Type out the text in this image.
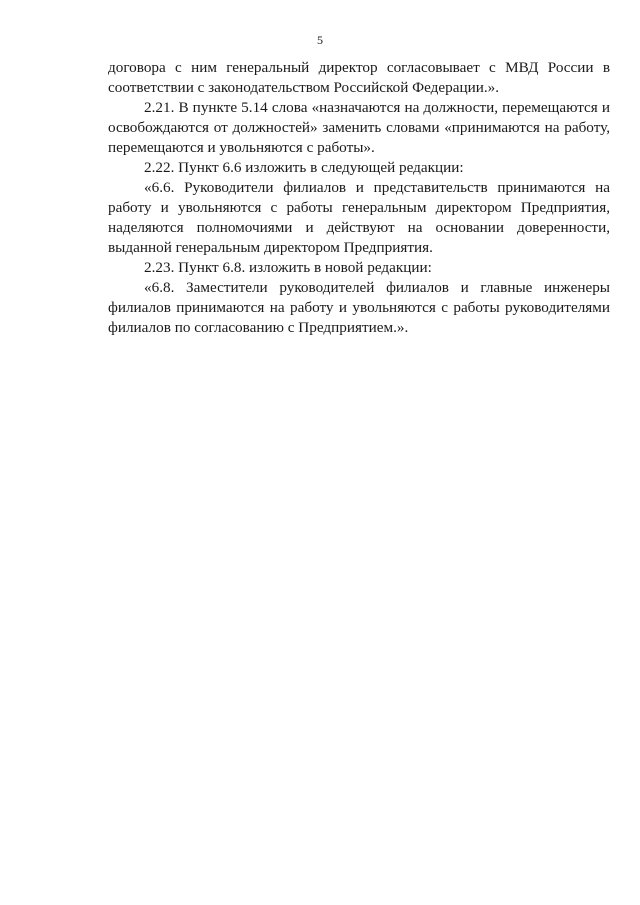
5

договора с ним генеральный директор согласовывает с МВД России в соответствии с законодательством Российской Федерации.».

2.21. В пункте 5.14 слова «назначаются на должности, перемещаются и освобождаются от должностей» заменить словами «принимаются на работу, перемещаются и увольняются с работы».

2.22. Пункт 6.6 изложить в следующей редакции:

«6.6. Руководители филиалов и представительств принимаются на работу и увольняются с работы генеральным директором Предприятия, наделяются полномочиями и действуют на основании доверенности, выданной генеральным директором Предприятия.

2.23. Пункт 6.8. изложить в новой редакции:

«6.8. Заместители руководителей филиалов и главные инженеры филиалов принимаются на работу и увольняются с работы руководителями филиалов по согласованию с Предприятием.».
